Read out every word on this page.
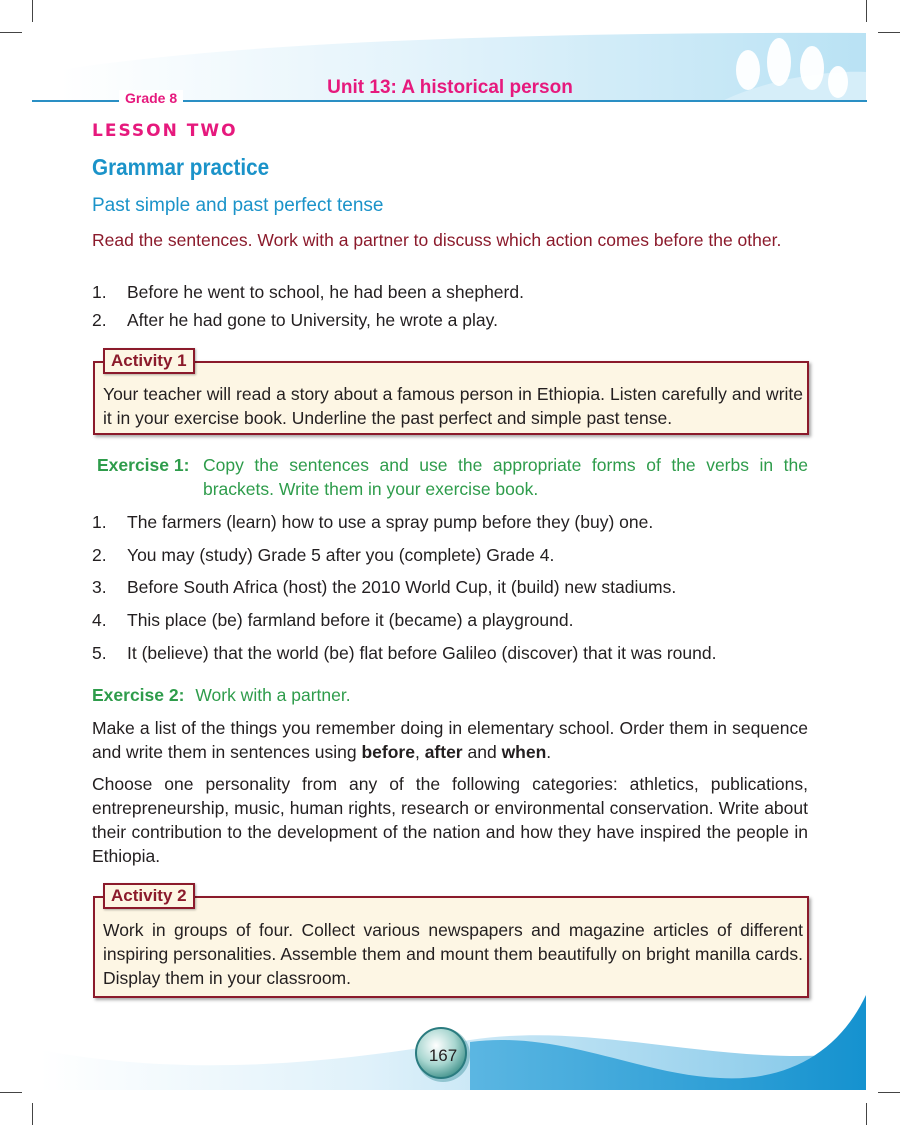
Unit 13: A historical person
Grade 8
LESSON TWO
Grammar practice
Past simple and past perfect tense
Read the sentences. Work with a partner to discuss which action comes before the other.
1. Before he went to school, he had been a shepherd.
2. After he had gone to University, he wrote a play.
Activity 1
Your teacher will read a story about a famous person in Ethiopia. Listen carefully and write it in your exercise book. Underline the past perfect and simple past tense.
Exercise 1: Copy the sentences and use the appropriate forms of the verbs in the brackets. Write them in your exercise book.
1. The farmers (learn) how to use a spray pump before they (buy) one.
2. You may (study) Grade 5 after you (complete) Grade 4.
3. Before South Africa (host) the 2010 World Cup, it (build) new stadiums.
4. This place (be) farmland before it (became) a playground.
5. It (believe) that the world (be) flat before Galileo (discover) that it was round.
Exercise 2: Work with a partner.
Make a list of the things you remember doing in elementary school. Order them in sequence and write them in sentences using before, after and when.
Choose one personality from any of the following categories: athletics, publications, entrepreneurship, music, human rights, research or environmental conservation. Write about their contribution to the development of the nation and how they have inspired the people in Ethiopia.
Activity 2
Work in groups of four. Collect various newspapers and magazine articles of different inspiring personalities. Assemble them and mount them beautifully on bright manilla cards. Display them in your classroom.
167
